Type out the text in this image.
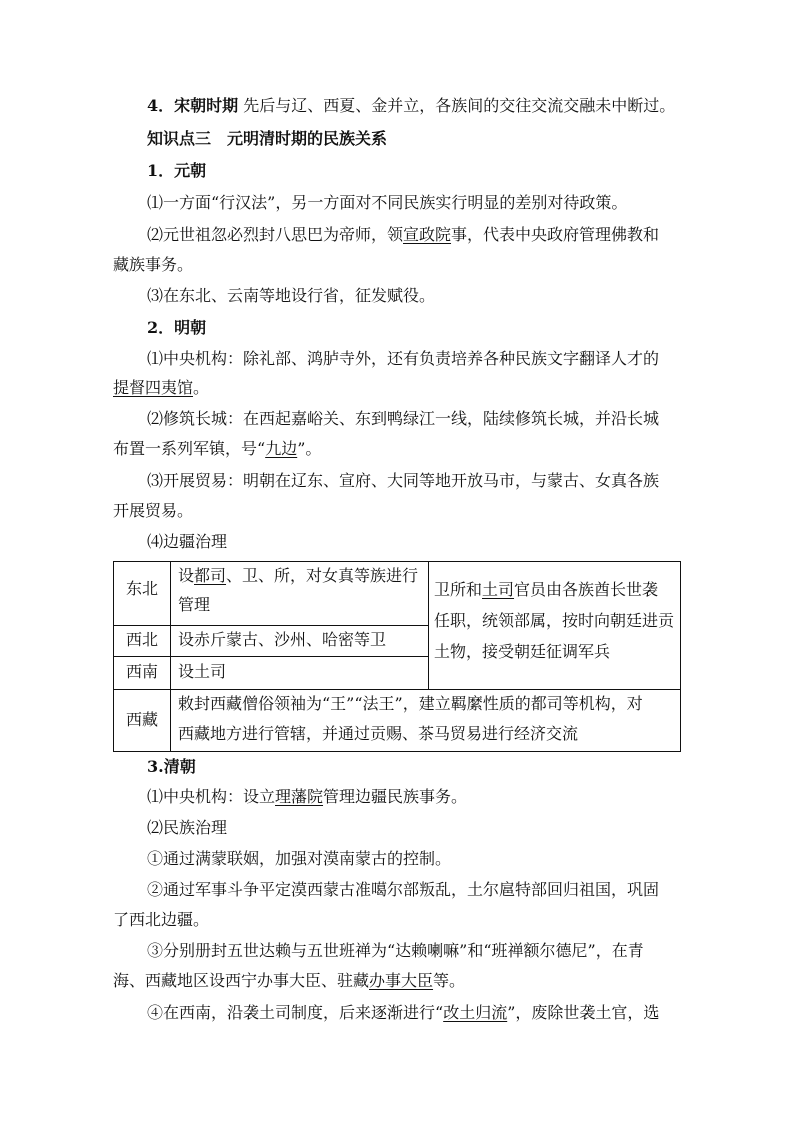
4．宋朝时期 先后与辽、西夏、金并立，各族间的交往交流交融未中断过。
知识点三　元明清时期的民族关系
1．元朝
⑴一方面“行汉法”，另一方面对不同民族实行明显的差别对待政策。
⑵元世祖忽必烈封八思巴为帝师，领宣政院事，代表中央政府管理佛教和
藏族事务。
⑶在东北、云南等地设行省，征发赋役。
2．明朝
⑴中央机构：除礼部、鸿胪寺外，还有负责培养各种民族文字翻译人才的
提督四夷馆。
⑵修筑长城：在西起嘉峪关、东到鸭绿江一线，陆续修筑长城，并沿长城
布置一系列军镇，号“九边”。
⑶开展贸易：明朝在辽东、宣府、大同等地开放马市，与蒙古、女真各族
开展贸易。
⑷边疆治理
东北
设都司、卫、所，对女真等族进行
管理
卫所和土司官员由各族酋长世袭
任职，统领部属，按时向朝廷进贡
土物，接受朝廷征调军兵
西北 设赤斤蒙古、沙州、哈密等卫
西南 设土司
西藏
敕封西藏僧俗领袖为“王”“法王”，建立羁縻性质的都司等机构，对
西藏地方进行管辖，并通过贡赐、茶马贸易进行经济交流
3.清朝
⑴中央机构：设立理藩院管理边疆民族事务。
⑵民族治理
①通过满蒙联姻，加强对漠南蒙古的控制。
②通过军事斗争平定漠西蒙古准噶尔部叛乱，土尔扈特部回归祖国，巩固
了西北边疆。
③分别册封五世达赖与五世班禅为“达赖喇嘛”和“班禅额尔德尼”，在青
海、西藏地区设西宁办事大臣、驻藏办事大臣等。
④在西南，沿袭土司制度，后来逐渐进行“改土归流”，废除世袭土官，选
